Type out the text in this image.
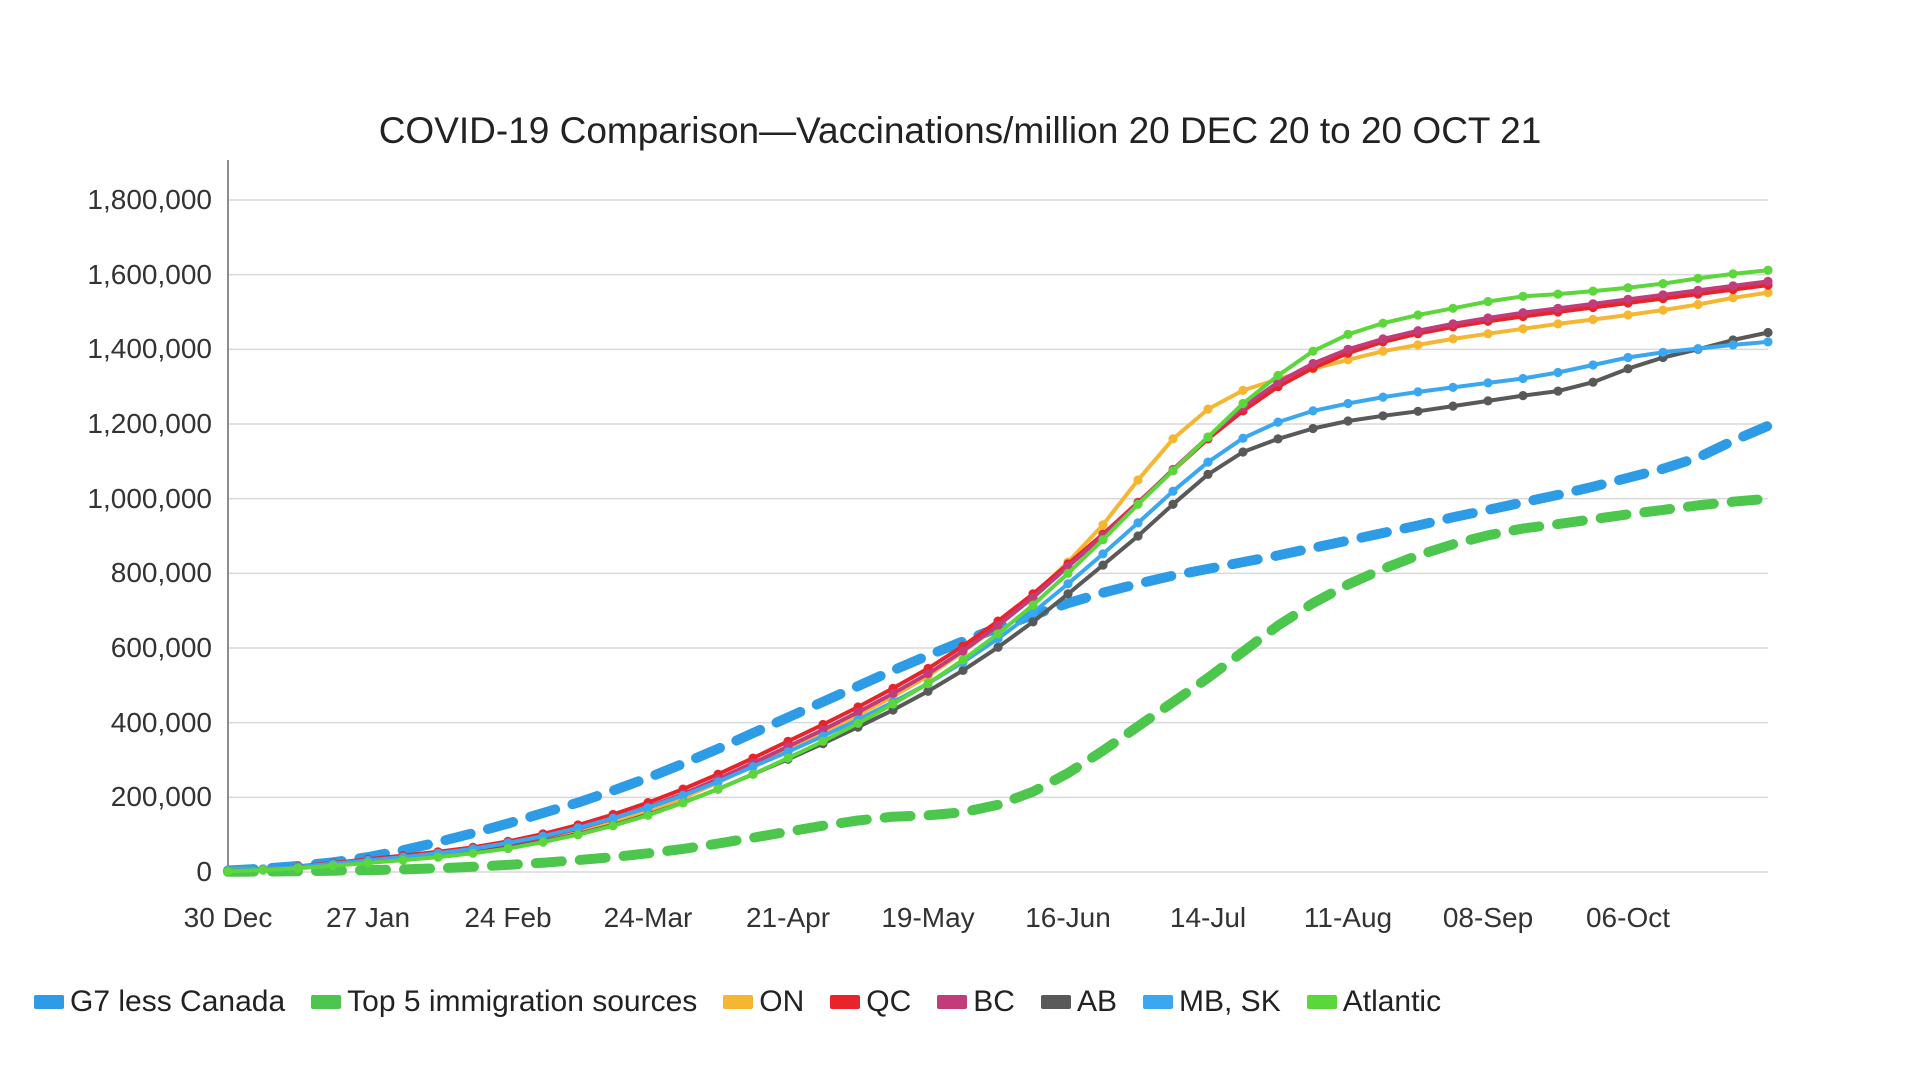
COVID-19 Comparison—Vaccinations/million 20 DEC 20 to 20 OCT 21
0
200,000
400,000
600,000
800,000
1,000,000
1,200,000
1,400,000
1,600,000
1,800,000
30 Dec 27 Jan 24 Feb 24-Mar 21-Apr 19-May 16-Jun 14-Jul 11-Aug 08-Sep 06-Oct
G7 less Canada Top 5 immigration sources ON QC BC AB MB, SK Atlantic
